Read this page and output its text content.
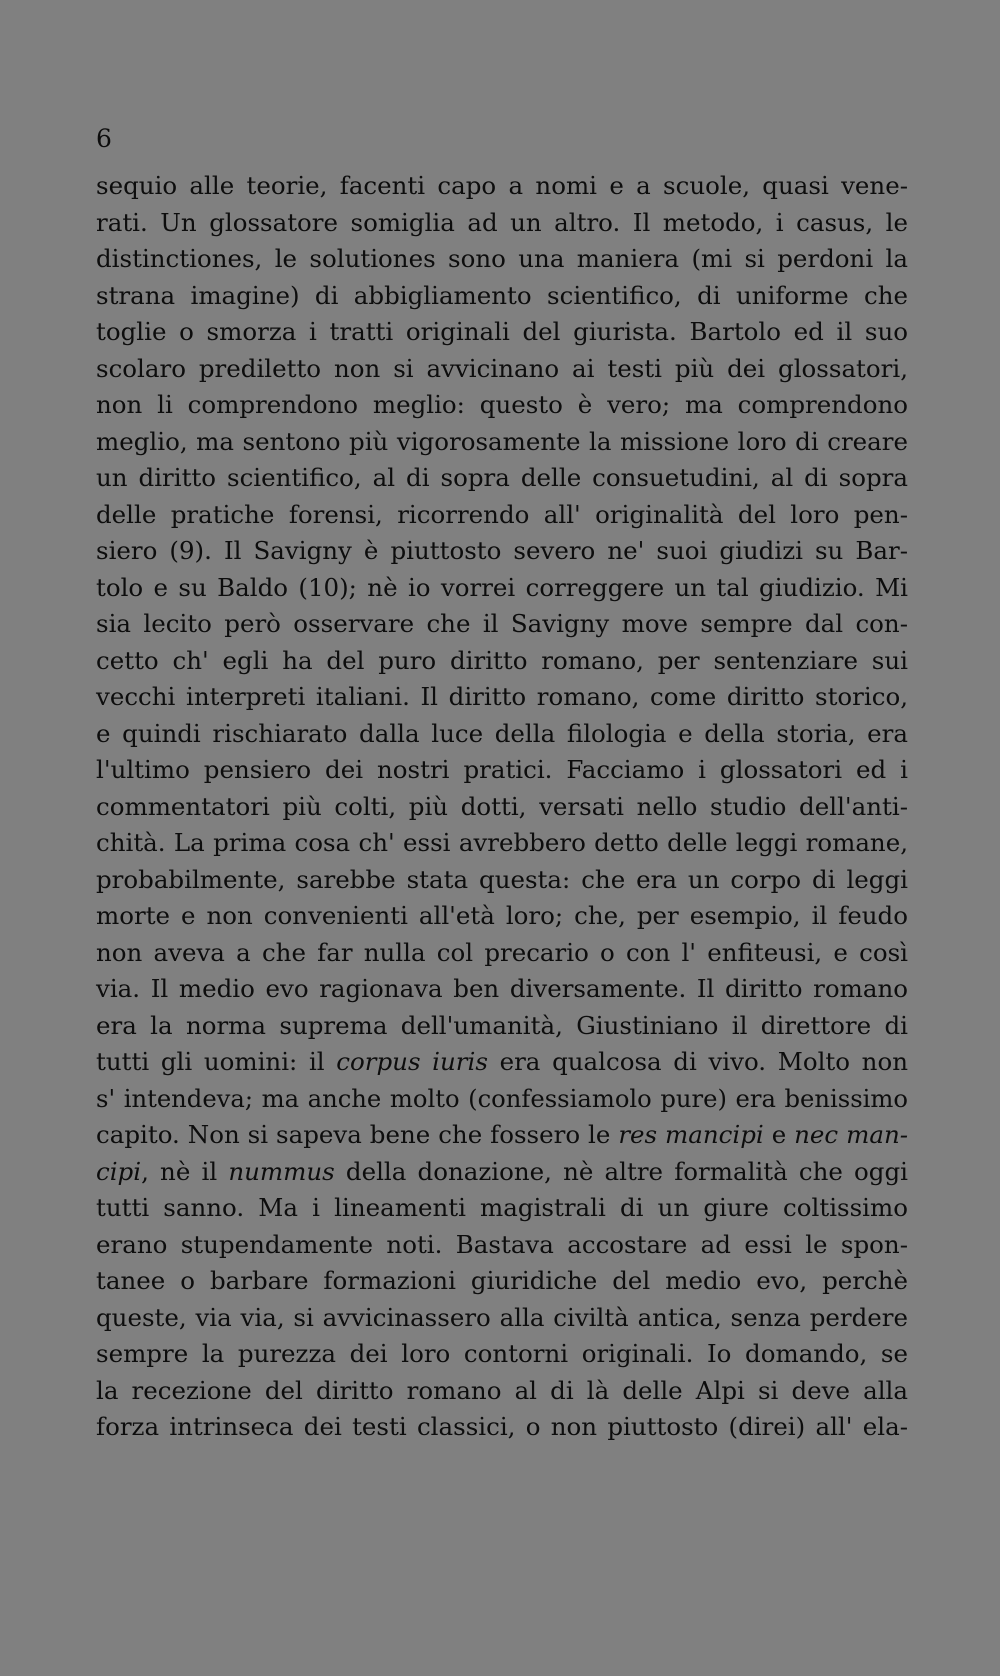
6
sequio alle teorie, facenti capo a nomi e a scuole, quasi vene-
rati. Un glossatore somiglia ad un altro. Il metodo, i casus, le
distinctiones, le solutiones sono una maniera (mi si perdoni la
strana imagine) di abbigliamento scientifico, di uniforme che
toglie o smorza i tratti originali del giurista. Bartolo ed il suo
scolaro prediletto non si avvicinano ai testi più dei glossatori,
non li comprendono meglio: questo è vero; ma comprendono
meglio, ma sentono più vigorosamente la missione loro di creare
un diritto scientifico, al di sopra delle consuetudini, al di sopra
delle pratiche forensi, ricorrendo all' originalità del loro pen-
siero (9). Il Savigny è piuttosto severo ne' suoi giudizi su Bar-
tolo e su Baldo (10); nè io vorrei correggere un tal giudizio. Mi
sia lecito però osservare che il Savigny move sempre dal con-
cetto ch' egli ha del puro diritto romano, per sentenziare sui
vecchi interpreti italiani. Il diritto romano, come diritto storico,
e quindi rischiarato dalla luce della filologia e della storia, era
l'ultimo pensiero dei nostri pratici. Facciamo i glossatori ed i
commentatori più colti, più dotti, versati nello studio dell'anti-
chità. La prima cosa ch' essi avrebbero detto delle leggi romane,
probabilmente, sarebbe stata questa: che era un corpo di leggi
morte e non convenienti all'età loro; che, per esempio, il feudo
non aveva a che far nulla col precario o con l' enfiteusi, e così
via. Il medio evo ragionava ben diversamente. Il diritto romano
era la norma suprema dell'umanità, Giustiniano il direttore di
tutti gli uomini: il corpus iuris era qualcosa di vivo. Molto non
s' intendeva; ma anche molto (confessiamolo pure) era benissimo
capito. Non si sapeva bene che fossero le res mancipi e nec man-
cipi, nè il nummus della donazione, nè altre formalità che oggi
tutti sanno. Ma i lineamenti magistrali di un giure coltissimo
erano stupendamente noti. Bastava accostare ad essi le spon-
tanee o barbare formazioni giuridiche del medio evo, perchè
queste, via via, si avvicinassero alla civiltà antica, senza perdere
sempre la purezza dei loro contorni originali. Io domando, se
la recezione del diritto romano al di là delle Alpi si deve alla
forza intrinseca dei testi classici, o non piuttosto (direi) all' ela-
